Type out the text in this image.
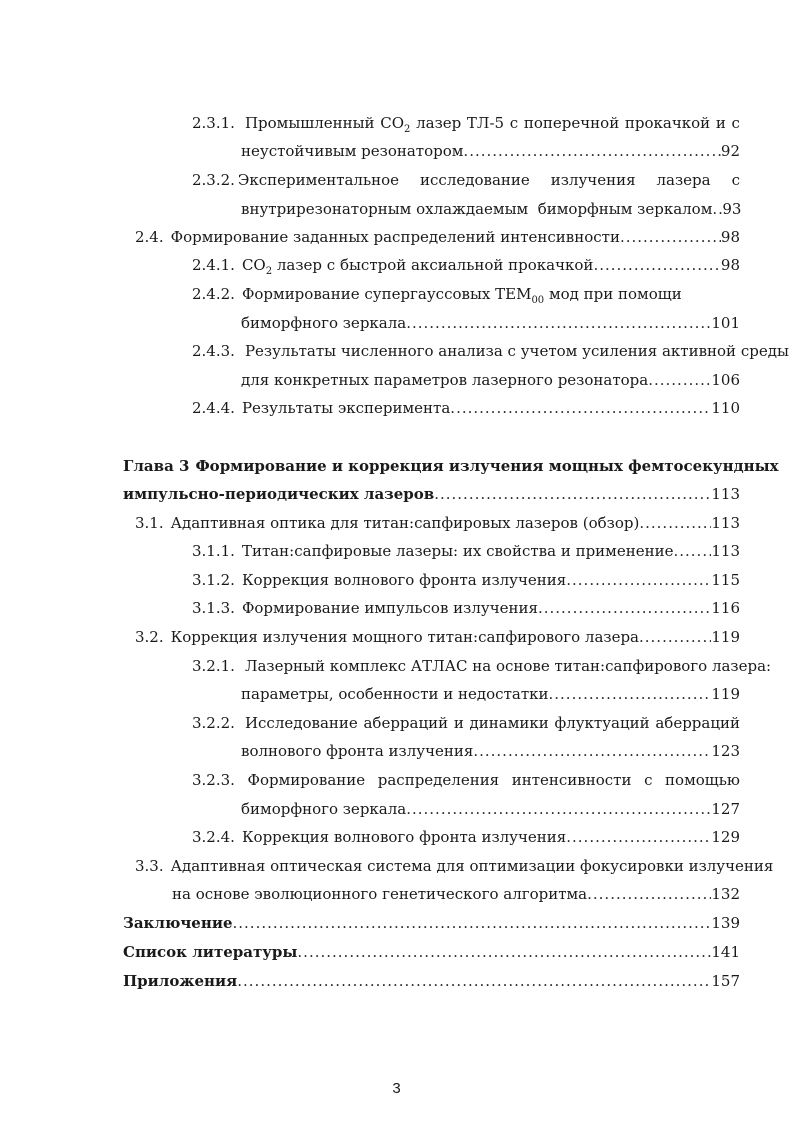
2.3.1. Промышленный $CO_2$ лазер ТЛ-5 с поперечной прокачкой и с
неустойчивым резонатором .....	92
2.3.2. Экспериментальное исследование излучения лазера с
внутрирезонаторным охлаждаемым  биморфным зеркалом ..... 93
2.4. Формирование заданных распределений интенсивности .....	98
2.4.1. $CO_2$ лазер с быстрой аксиальной прокачкой .....	98
2.4.2. Формирование супергауссовых $TEM_{00}$ мод при помощи
биморфного зеркала .....	101
2.4.3. Результаты численного анализа с учетом усиления активной среды
для конкретных параметров лазерного резонатора .....	106
2.4.4. Результаты эксперимента .....	110
Глава 3 Формирование и коррекция излучения мощных фемтосекундных
импульсно-периодических лазеров .....	113
3.1. Адаптивная оптика для титан:сапфировых лазеров (обзор) .....	113
3.1.1. Титан:сапфировые лазеры: их свойства и применение .....	113
3.1.2. Коррекция волнового фронта излучения .....	115
3.1.3. Формирование импульсов излучения .....	116
3.2. Коррекция излучения мощного титан:сапфирового лазера .....	119
3.2.1. Лазерный комплекс АТЛАС на основе титан:сапфирового лазера:
параметры, особенности и недостатки .....	119
3.2.2. Исследование аберраций и динамики флуктуаций аберраций
волнового фронта излучения .....	123
3.2.3. Формирование распределения интенсивности с помощью
биморфного зеркала .....	127
3.2.4. Коррекция волнового фронта излучения .....	129
3.3. Адаптивная оптическая система для оптимизации фокусировки излучения
на основе эволюционного генетического алгоритма .....	132
Заключение .....	139
Список литературы .....	141
Приложения .....	157
3
